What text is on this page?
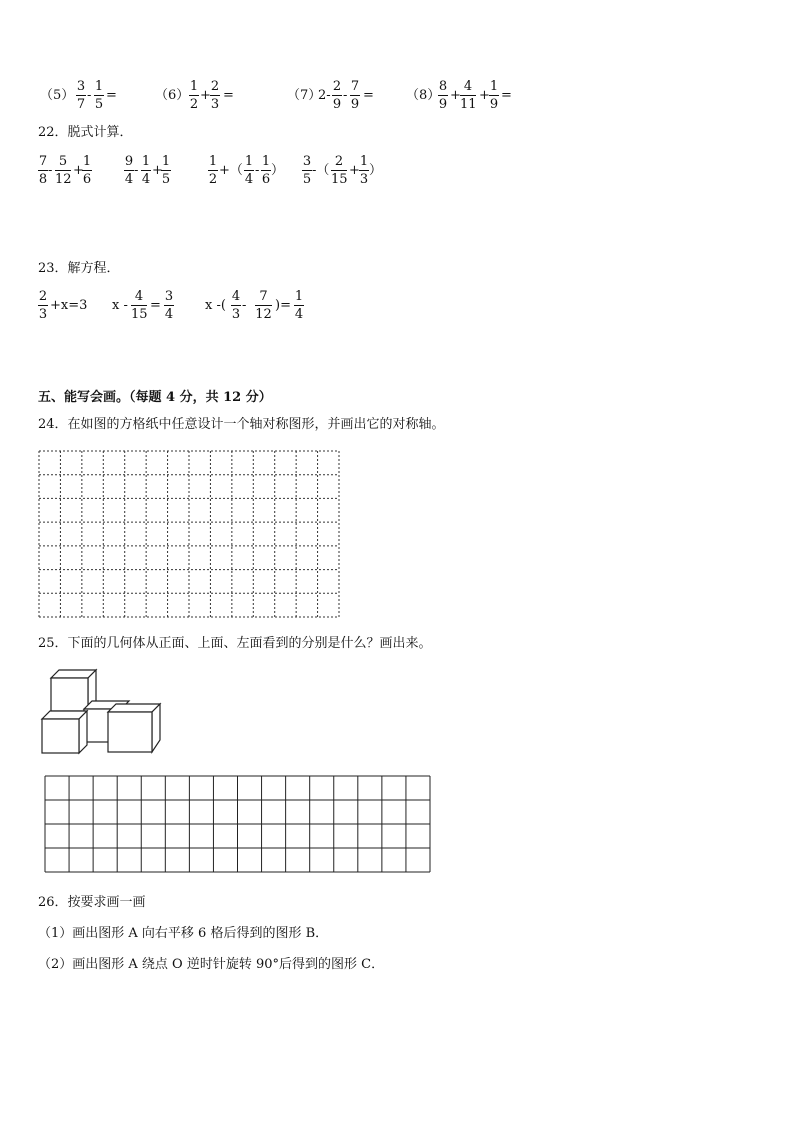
（5）
3
7
-
1
5
=	（6）
1
2
+
2
3
=	（7）
2-
2
9
-
7
9
= （8）
8
9
+
4
11
+
1
9
=
22．脱式计算．
7
8
-
5
12
+
1
6
9
4
-
1
4
+
1
5
1
2
+（
1
4
-
1
6
）
3
5
-（
2
15
+
1
3
）
23．解方程．
2
3
+x=3 x -
4
15
=
3
4
x -(
4
3
-
7
12
)=
1
4
五、能写会画。（每题 4 分，共 12 分）
24．在如图的方格纸中任意设计一个轴对称图形，并画出它的对称轴。
25．下面的几何体从正面、上面、左面看到的分别是什么？画出来。
26．按要求画一画
（1）画出图形 A 向右平移 6 格后得到的图形 B．
（2）画出图形 A 绕点 O 逆时针旋转 90°后得到的图形 C．
